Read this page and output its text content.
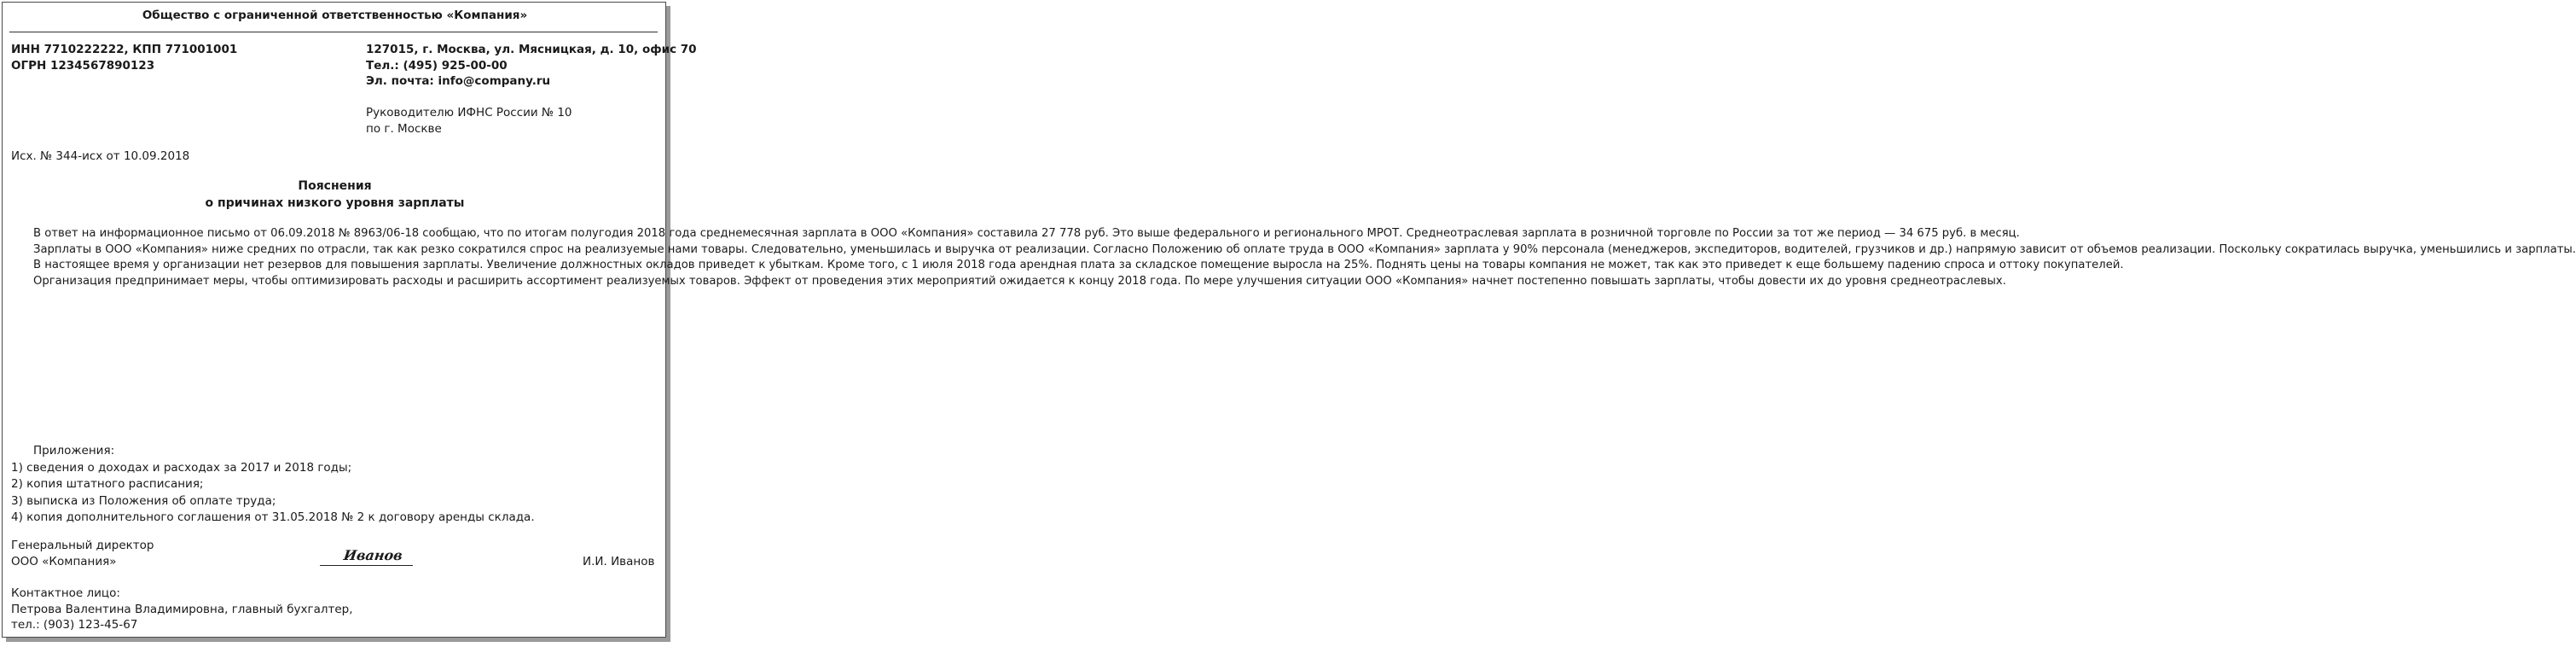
Общество с ограниченной ответственностью «Компания»
ИНН 7710222222, КПП 771001001
ОГРН 1234567890123
127015, г. Москва, ул. Мясницкая, д. 10, офис 70
Тел.: (495) 925-00-00
Эл. почта: info@company.ru
Руководителю ИФНС России № 10
по г. Москве
Исх. № 344-исх от 10.09.2018
Пояснения
о причинах низкого уровня зарплаты

В ответ на информационное письмо от 06.09.2018 № 8963/06-18 сообщаю, что по итогам полугодия 2018 года среднемесячная зарплата в ООО «Компания» составила 27 778 руб. Это выше федерального и регионального МРОТ. Среднеотраслевая зарплата в розничной торговле по России за тот же период — 34 675 руб. в месяц.

Зарплаты в ООО «Компания» ниже средних по отрасли, так как резко сократился спрос на реализуемые нами товары. Следовательно, уменьшилась и выручка от реализации. Согласно Положению об оплате труда в ООО «Компания» зарплата у 90% персонала (менеджеров, экспедиторов, водителей, грузчиков и др.) напрямую зависит от объемов реализации. Поскольку сократилась выручка, уменьшились и зарплаты.

В настоящее время у организации нет резервов для повышения зарплаты. Увеличение должностных окладов приведет к убыткам. Кроме того, с 1 июля 2018 года арендная плата за складское помещение выросла на 25%. Поднять цены на товары компания не может, так как это приведет к еще большему падению спроса и оттоку покупателей.

Организация предпринимает меры, чтобы оптимизировать расходы и расширить ассортимент реализуемых товаров. Эффект от проведения этих мероприятий ожидается к концу 2018 года. По мере улучшения ситуации ООО «Компания» начнет постепенно повышать зарплаты, чтобы довести их до уровня среднеотраслевых.

Приложения:
1) сведения о доходах и расходах за 2017 и 2018 годы;
2) копия штатного расписания;
3) выписка из Положения об оплате труда;
4) копия дополнительного соглашения от 31.05.2018 № 2 к договору аренды склада.
Генеральный директор
ООО «Компания»	Иванов	И.И. Иванов
Контактное лицо:
Петрова Валентина Владимировна, главный бухгалтер,
тел.: (903) 123-45-67
